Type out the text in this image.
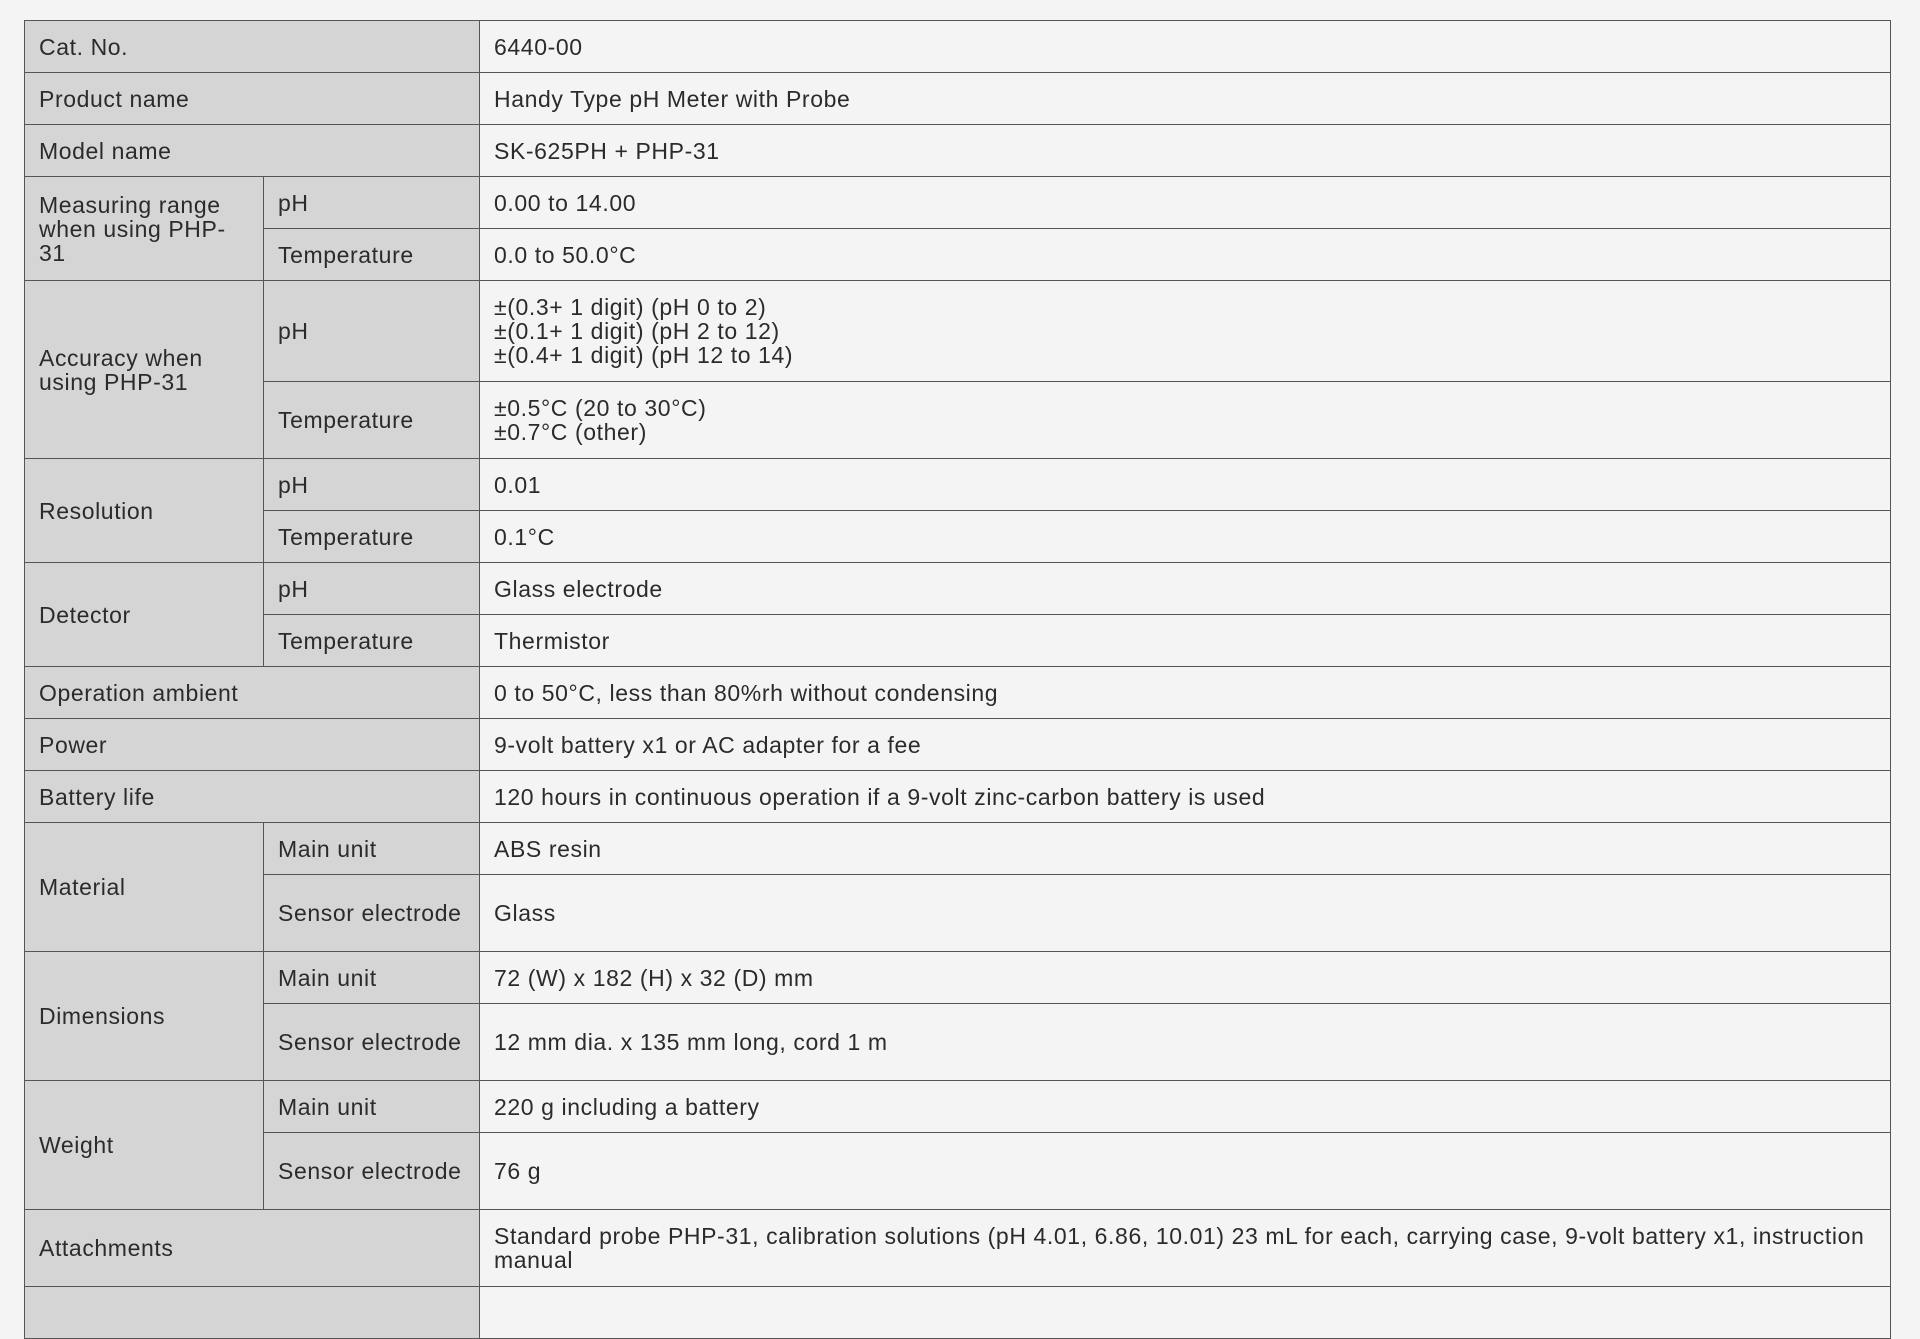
Cat. No.		6440-00
Product name		Handy Type pH Meter with Probe
Model name		SK-625PH + PHP-31
Measuring range when using PHP-31	pH	0.00 to 14.00
	Temperature	0.0 to 50.0°C
Accuracy when using PHP-31	pH	±(0.3+ 1 digit) (pH 0 to 2)
±(0.1+ 1 digit) (pH 2 to 12)
±(0.4+ 1 digit) (pH 12 to 14)

	Temperature	±0.5°C (20 to 30°C)
±0.7°C (other)

Resolution	pH	0.01
	Temperature	0.1°C
Detector	pH	Glass electrode
	Temperature	Thermistor
Operation ambient		0 to 50°C, less than 80%rh without condensing
Power		9-volt battery x1 or AC adapter for a fee
Battery life		120 hours in continuous operation if a 9-volt zinc-carbon battery is used
Material	Main unit	ABS resin
	Sensor electrode	Glass
Dimensions	Main unit	72 (W) x 182 (H) x 32 (D) mm
	Sensor electrode	12 mm dia. x 135 mm long, cord 1 m
Weight	Main unit	220 g including a battery
	Sensor electrode	76 g
Attachments		Standard probe PHP-31, calibration solutions (pH 4.01, 6.86, 10.01) 23 mL for each, carrying case, 9-volt battery x1, instruction manual
